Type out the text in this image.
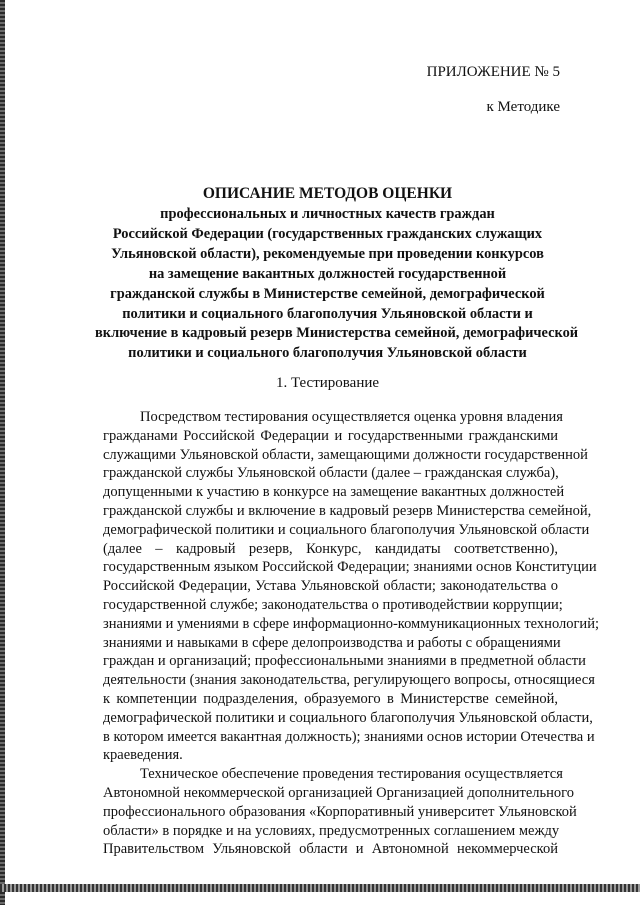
ПРИЛОЖЕНИЕ № 5
к Методике
ОПИСАНИЕ МЕТОДОВ ОЦЕНКИ
профессиональных и личностных качеств граждан
Российской Федерации (государственных гражданских служащих
Ульяновской области), рекомендуемые при проведении конкурсов
на замещение вакантных должностей государственной
гражданской службы в Министерстве семейной, демографической
политики и социального благополучия Ульяновской области и
включение в кадровый резерв Министерства семейной, демографической
политики и социального благополучия Ульяновской области
1. Тестирование
Посредством тестирования осуществляется оценка уровня владения
гражданами Российской Федерации и государственными гражданскими
служащими Ульяновской области, замещающими должности государственной
гражданской службы Ульяновской области (далее – гражданская служба),
допущенными к участию в конкурсе на замещение вакантных должностей
гражданской службы и включение в кадровый резерв Министерства семейной,
демографической политики и социального благополучия Ульяновской области
(далее – кадровый резерв, Конкурс, кандидаты соответственно),
государственным языком Российской Федерации; знаниями основ Конституции
Российской Федерации, Устава Ульяновской области; законодательства о
государственной службе; законодательства о противодействии коррупции;
знаниями и умениями в сфере информационно-коммуникационных технологий;
знаниями и навыками в сфере делопроизводства и работы с обращениями
граждан и организаций; профессиональными знаниями в предметной области
деятельности (знания законодательства, регулирующего вопросы, относящиеся
к компетенции подразделения, образуемого в Министерстве семейной,
демографической политики и социального благополучия Ульяновской области,
в котором имеется вакантная должность); знаниями основ истории Отечества и
краеведения.
Техническое обеспечение проведения тестирования осуществляется
Автономной некоммерческой организацией Организацией дополнительного
профессионального образования «Корпоративный университет Ульяновской
области» в порядке и на условиях, предусмотренных соглашением между
Правительством Ульяновской области и Автономной некоммерческой
